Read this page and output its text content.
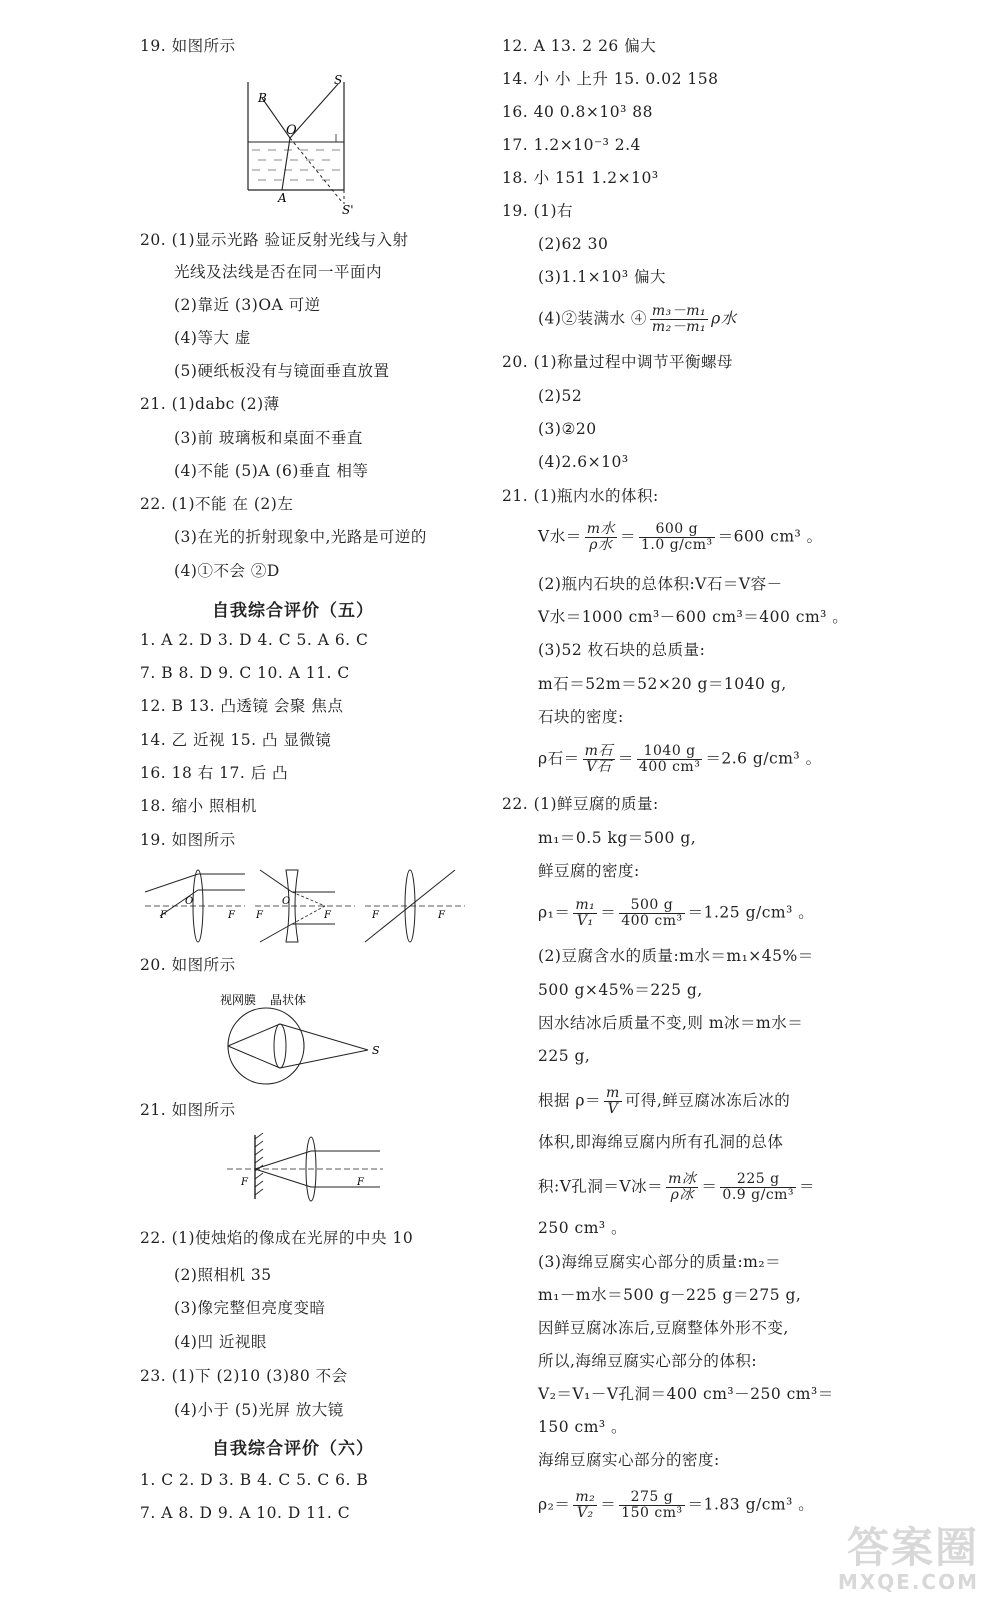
19. 如图所示
B
S
O
A
S'
20. (1)显示光路 验证反射光线与入射
光线及法线是否在同一平面内
(2)靠近 (3)OA 可逆
(4)等大 虚
(5)硬纸板没有与镜面垂直放置
21. (1)dabc (2)薄
(3)前 玻璃板和桌面不垂直
(4)不能 (5)A (6)垂直 相等
22. (1)不能 在 (2)左
(3)在光的折射现象中,光路是可逆的
(4)①不会 ②D
自我综合评价（五）
1. A 2. D 3. D 4. C 5. A 6. C
7. B 8. D 9. C 10. A 11. C
12. B 13. 凸透镜 会聚 焦点
14. 乙 近视 15. 凸 显微镜
16. 18 右 17. 后 凸
18. 缩小 照相机
19. 如图所示
F
O
F F
O
F	F	F
20. 如图所示
视网膜 晶状体
S
21. 如图所示
F	F
22. (1)使烛焰的像成在光屏的中央 10
(2)照相机 35
(3)像完整但亮度变暗
(4)凹 近视眼
23. (1)下 (2)10 (3)80 不会
(4)小于 (5)光屏 放大镜
自我综合评价（六）
1. C 2. D 3. B 4. C 5. C 6. B
7. A 8. D 9. A 10. D 11. C
12. A 13. 2 26 偏大
14. 小 小 上升 15. 0.02 158
16. 40 0.8×10³ 88
17. 1.2×10⁻³ 2.4
18. 小 151 1.2×10³
19. (1)右
(2)62 30
(3)1.1×10³ 偏大
(4)②装满水 ④ $\frac{\text{m₃－m₁}}{\text{m₂－m₁}}$ ρ水
20. (1)称量过程中调节平衡螺母
(2)52
(3)②20
(4)2.6×10³
21. (1)瓶内水的体积:
V水＝ $\frac{\text{m水}}{\text{ρ水}} = \frac{600 g}{\text{1.0 g/cm³}} =600$ cm³ 。
(2)瓶内石块的总体积:V石＝V容－
V水＝1000 cm³－600 cm³＝400 cm³ 。
(3)52 枚石块的总质量:
m石＝52m＝52×20 g＝1040 g,
石块的密度:
ρ石＝ $\frac{\text{m石}}{\text{V石}} = \frac{1040 g}{\text{400 cm³}} =2.6$ g/cm³ 。
22. (1)鲜豆腐的质量:
m₁＝0.5 kg＝500 g,
鲜豆腐的密度:
$\rho_1= \frac{\text{m₁}}{\text{V₁}} = \frac{500 g}{\text{400 cm³}} =1.25$ g/cm³ 。
(2)豆腐含水的质量:m水＝m₁×45%＝
500 g×45%＝225 g,
因水结冰后质量不变,则 m冰＝m水＝
225 g,
根据 $\rho= \frac{m}{V}$ 可得,鲜豆腐冰冻后冰的
体积,即海绵豆腐内所有孔洞的总体
积:V孔洞＝V冰＝ $\frac{\text{m冰}}{\text{ρ冰}} = \frac{225 g}{\text{0.9 g/cm³}}$ ＝
250 cm³ 。
(3)海绵豆腐实心部分的质量:m₂＝
m₁－m水＝500 g－225 g＝275 g,
因鲜豆腐冰冻后,豆腐整体外形不变,
所以,海绵豆腐实心部分的体积:
V₂＝V₁－V孔洞＝400 cm³－250 cm³＝
150 cm³ 。
海绵豆腐实心部分的密度:
$\rho_2= \frac{\text{m₂}}{\text{V₂}} = \frac{275 g}{\text{150 cm³}} =1.83$ g/cm³ 。
答案圈
MXQE.COM
